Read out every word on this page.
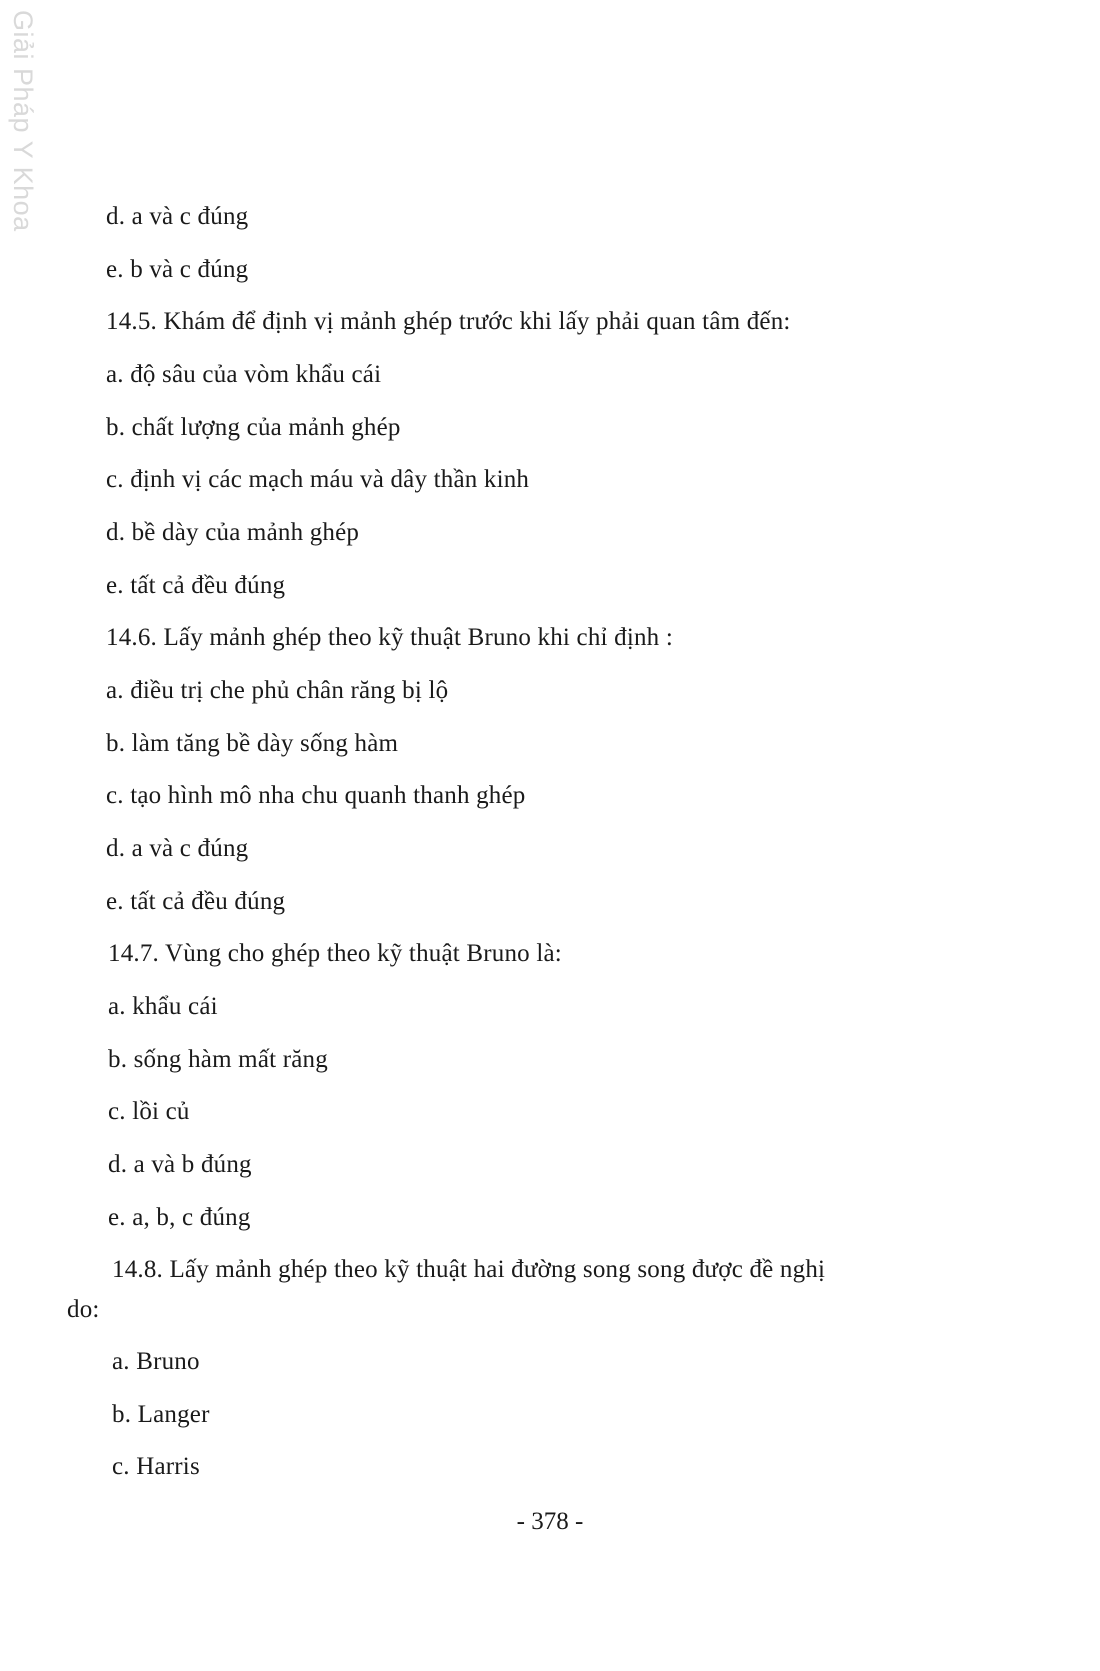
Giải Pháp Y Khoa	d. a và c đúng
e. b và c đúng
14.5. Khám để định vị mảnh ghép trước khi lấy phải quan tâm đến:
a. độ sâu của vòm khẩu cái
b. chất lượng của mảnh ghép
c. định vị các mạch máu và dây thần kinh
d. bề dày của mảnh ghép
e. tất cả đều đúng
14.6. Lấy mảnh ghép theo kỹ thuật Bruno khi chỉ định :
a. điều trị che phủ chân răng bị lộ
b. làm tăng bề dày sống hàm
c. tạo hình mô nha chu quanh thanh ghép
d. a và c đúng
e. tất cả đều đúng
14.7. Vùng cho ghép theo kỹ thuật Bruno là:
a. khẩu cái
b. sống hàm mất răng
c. lồi củ
d. a và b đúng
e. a, b, c đúng
14.8. Lấy mảnh ghép theo kỹ thuật hai đường song song được đề nghị
do:
a. Bruno
b. Langer
c. Harris
- 378 -
